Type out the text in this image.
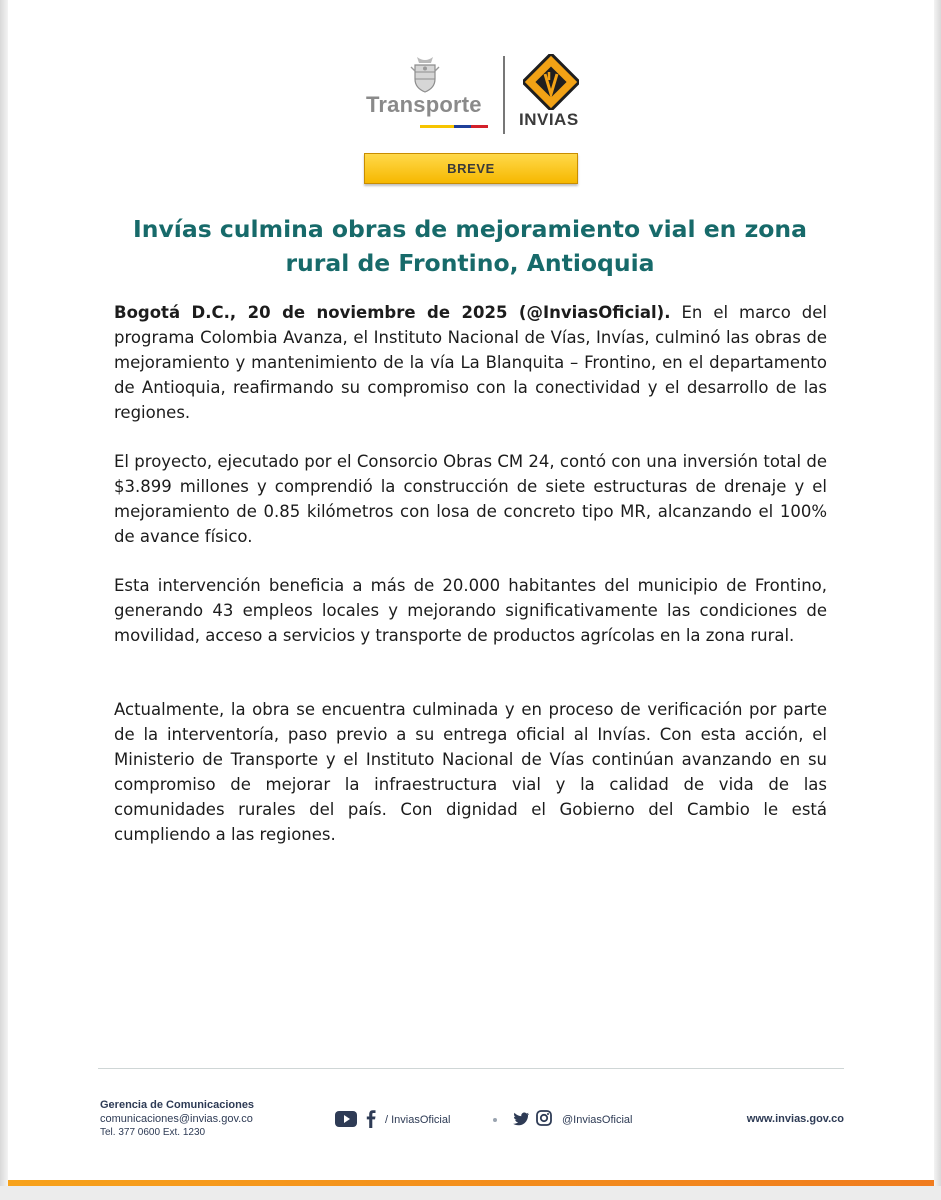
Transporte
INVIAS
BREVE
Invías culmina obras de mejoramiento vial en zona rural de Frontino, Antioquia

Bogotá D.C., 20 de noviembre de 2025 (@InviasOficial). En el marco del programa Colombia Avanza, el Instituto Nacional de Vías, Invías, culminó las obras de mejoramiento y mantenimiento de la vía La Blanquita – Frontino, en el departamento de Antioquia, reafirmando su compromiso con la conectividad y el desarrollo de las regiones.

El proyecto, ejecutado por el Consorcio Obras CM 24, contó con una inversión total de $3.899 millones y comprendió la construcción de siete estructuras de drenaje y el mejoramiento de 0.85 kilómetros con losa de concreto tipo MR, alcanzando el 100% de avance físico.

Esta intervención beneficia a más de 20.000 habitantes del municipio de Frontino, generando 43 empleos locales y mejorando significativamente las condiciones de movilidad, acceso a servicios y transporte de productos agrícolas en la zona rural.

Actualmente, la obra se encuentra culminada y en proceso de verificación por parte de la interventoría, paso previo a su entrega oficial al Invías. Con esta acción, el Ministerio de Transporte y el Instituto Nacional de Vías continúan avanzando en su compromiso de mejorar la infraestructura vial y la calidad de vida de las comunidades rurales del país. Con dignidad el Gobierno del Cambio le está cumpliendo a las regiones.

Gerencia de Comunicaciones
comunicaciones@invias.gov.co
Tel. 377 0600 Ext. 1230
/ InviasOficial	@InviasOficial	www.invias.gov.co
